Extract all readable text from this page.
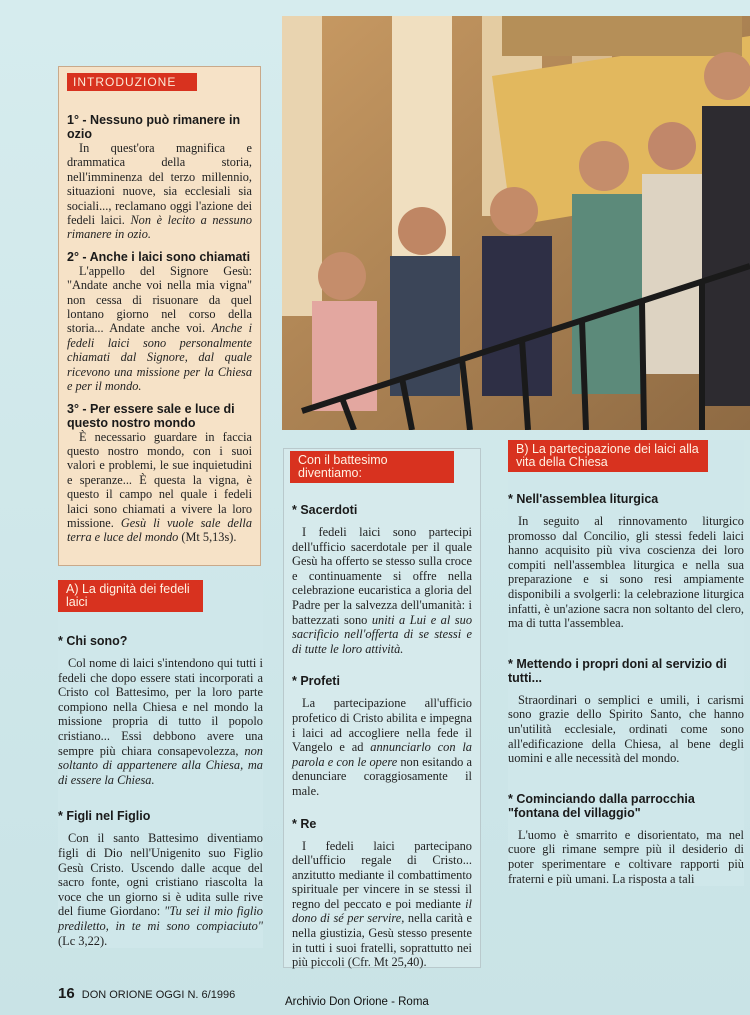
INTRODUZIONE
1° - Nessuno può rimanere in ozio

In quest'ora magnifica e drammatica della storia, nell'imminenza del terzo millennio, situazioni nuove, sia ecclesiali sia sociali..., reclamano oggi l'azione dei fedeli laici. Non è lecito a nessuno rimanere in ozio.

2° - Anche i laici sono chiamati

L'appello del Signore Gesù: "Andate anche voi nella mia vigna" non cessa di risuonare da quel lontano giorno nel corso della storia... Andate anche voi. Anche i fedeli laici sono personalmente chiamati dal Signore, dal quale ricevono una missione per la Chiesa e per il mondo.

3° - Per essere sale e luce di questo nostro mondo

È necessario guardare in faccia questo nostro mondo, con i suoi valori e problemi, le sue inquietudini e speranze... È questa la vigna, è questo il campo nel quale i fedeli laici sono chiamati a vivere la loro missione. Gesù li vuole sale della terra e luce del mondo (Mt 5,13s).

A) La dignità dei fedeli laici
* Chi sono?

Col nome di laici s'intendono qui tutti i fedeli che dopo essere stati incorporati a Cristo col Battesimo, per la loro parte compiono nella Chiesa e nel mondo la missione propria di tutto il popolo cristiano... Essi debbono avere una sempre più chiara consapevolezza, non soltanto di appartenere alla Chiesa, ma di essere la Chiesa.

* Figli nel Figlio

Con il santo Battesimo diventiamo figli di Dio nell'Unigenito suo Figlio Gesù Cristo. Uscendo dalle acque del sacro fonte, ogni cristiano riascolta la voce che un giorno si è udita sulle rive del fiume Giordano: "Tu sei il mio figlio prediletto, in te mi sono compiaciuto" (Lc 3,22).

Con il battesimo diventiamo:
* Sacerdoti

I fedeli laici sono partecipi dell'ufficio sacerdotale per il quale Gesù ha offerto se stesso sulla croce e continuamente si offre nella celebrazione eucaristica a gloria del Padre per la salvezza dell'umanità: i battezzati sono uniti a Lui e al suo sacrificio nell'offerta di se stessi e di tutte le loro attività.

* Profeti

La partecipazione all'ufficio profetico di Cristo abilita e impegna i laici ad accogliere nella fede il Vangelo e ad annunciarlo con la parola e con le opere non esitando a denunciare coraggiosamente il male.

* Re

I fedeli laici partecipano dell'ufficio regale di Cristo... anzitutto mediante il combattimento spirituale per vincere in se stessi il regno del peccato e poi mediante il dono di sé per servire, nella carità e nella giustizia, Gesù stesso presente in tutti i suoi fratelli, soprattutto nei più piccoli (Cfr. Mt 25,40).

B) La partecipazione dei laici alla vita della Chiesa
* Nell'assemblea liturgica

In seguito al rinnovamento liturgico promosso dal Concilio, gli stessi fedeli laici hanno acquisito più viva coscienza dei loro compiti nell'assemblea liturgica e nella sua preparazione e si sono resi ampiamente disponibili a svolgerli: la celebrazione liturgica infatti, è un'azione sacra non soltanto del clero, ma di tutta l'assemblea.

* Mettendo i propri doni al servizio di tutti...

Straordinari o semplici e umili, i carismi sono grazie dello Spirito Santo, che hanno un'utilità ecclesiale, ordinati come sono all'edificazione della Chiesa, al bene degli uomini e alle necessità del mondo.

* Cominciando dalla parrocchia "fontana del villaggio"

L'uomo è smarrito e disorientato, ma nel cuore gli rimane sempre più il desiderio di poter sperimentare e coltivare rapporti più fraterni e più umani. La risposta a tali

16 DON ORIONE OGGI N. 6/1996
Archivio Don Orione - Roma
